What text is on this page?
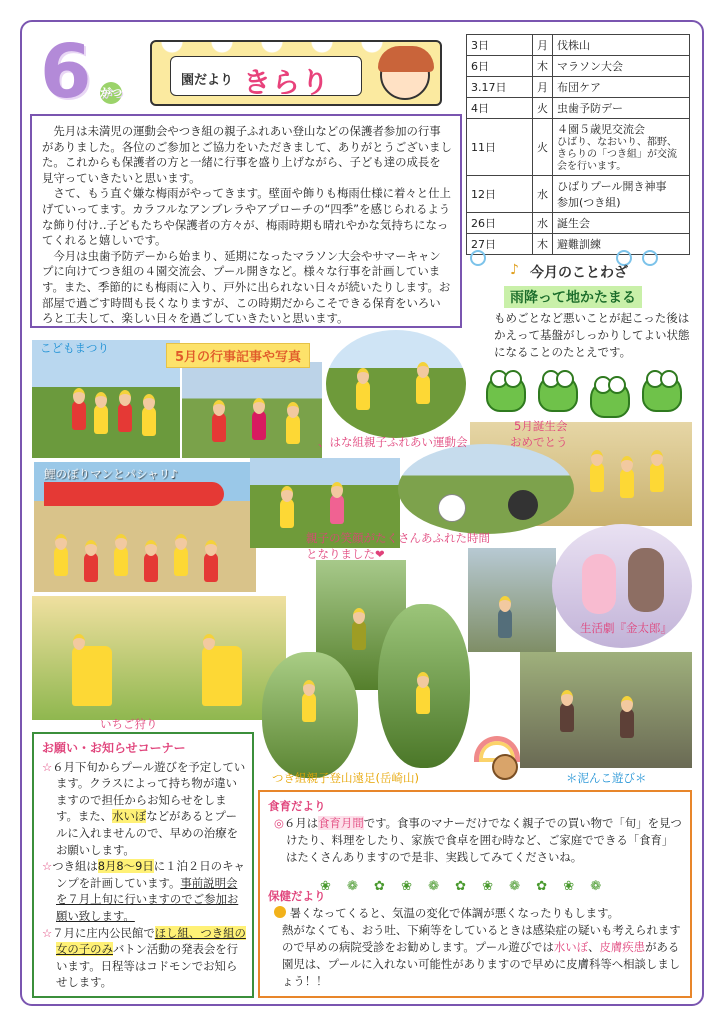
6 がつ
園だより きらり
3日	月	伐株山
6日	木	マラソン大会
3.17日	月	布団ケア
4日	火	虫歯予防デー
11日	火	４園５歳児交流会
ひばり、なおいり、都野、きらりの「つき組」が交流会を行います。

12日	水	ひばりプール開き神事
参加(つき組)

26日	水	誕生会
27日	木	避難訓練

先月は未満児の運動会やつき組の親子ふれあい登山などの保護者参加の行事がありました。各位のご参加とご協力をいただきまして、ありがとうございました。これからも保護者の方と一緒に行事を盛り上げながら、子ども達の成長を見守っていきたいと思います。

さて、もう直ぐ嫌な梅雨がやってきます。壁面や飾りも梅雨仕様に着々と仕上げていってます。カラフルなアンブレラやアプローチの“四季”を感じられるような飾り付け‥子どもたちや保護者の方々が、梅雨時期も晴れやかな気持ちになってくれると嬉しいです。

今月は虫歯予防デーから始まり、延期になったマラソン大会やサマーキャンプに向けてつき組の４園交流会、プール開きなど。様々な行事を計画しています。また、季節的にも梅雨に入り、戸外に出られない日々が続いたりします。お部屋で過ごす時間も長くなりますが、この時期だからこそできる保育をいろいろと工夫して、楽しい日々を過ごしていきたいと思います。

♪ 今月のことわざ
雨降って地かたまる
もめごとなど悪いことが起こった後はかえって基盤がしっかりしてよい状態になることのたとえです。
5月の行事記事や写真
こどもまつり
鯉のぼりマンとパシャリ♪
、はな組親子ふれあい運動会
5月誕生会
おめでとう
親子の笑顔がたくさんあふれた時間となりました❤
いちご狩り
生活劇『金太郎』
つき組親子登山遠足(岳崎山)	＊泥んこ遊び＊
お願い・お知らせコーナー
☆６月下旬からプール遊びを予定しています。クラスによって持ち物が違いますので担任からお知らせをします。また、水いぼなどがあるとプールに入れませんので、早めの治療をお願いします。
☆つき組は8月8～9日に１泊２日のキャンプを計画しています。事前説明会を７月上旬に行いますのでご参加お願い致します。
☆７月に庄内公民館でほし組、つき組の女の子のみバトン活動の発表会を行います。日程等はコドモンでお知らせします。
食育だより
◎６月は食育月間です。食事のマナーだけでなく親子での買い物で「旬」を見つけたり、料理をしたり、家族で食卓を囲む時など、ご家庭でできる「食育」はたくさんありますので是非、実践してみてくださいね。
❀ ❁ ✿ ❀ ❁ ✿ ❀ ❁ ✿ ❀ ❁
保健だより
暑くなってくると、気温の変化で体調が悪くなったりもします。
熱がなくても、おう吐、下痢等をしているときは感染症の疑いも考えられますので早めの病院受診をお勧めします。プール遊びでは水いぼ、皮膚疾患がある園児は、プールに入れない可能性がありますので早めに皮膚科等へ相談しましょう！！
